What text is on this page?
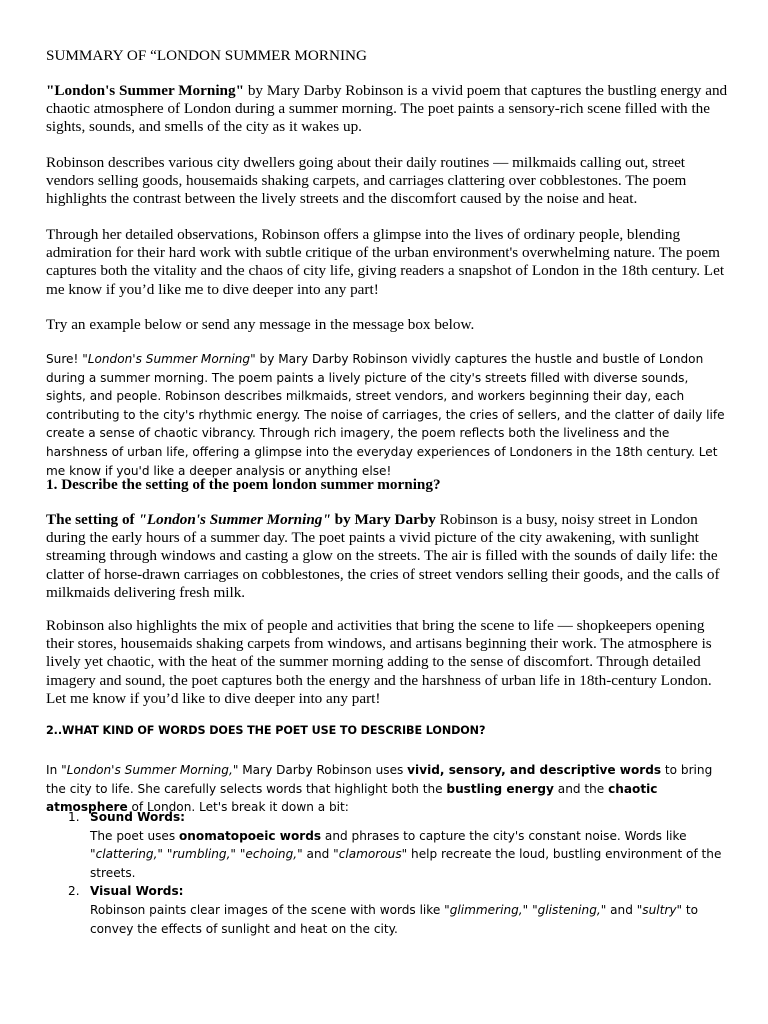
SUMMARY OF “LONDON SUMMER MORNING

"London's Summer Morning" by Mary Darby Robinson is a vivid poem that captures the bustling energy and chaotic atmosphere of London during a summer morning. The poet paints a sensory-rich scene filled with the sights, sounds, and smells of the city as it wakes up.

Robinson describes various city dwellers going about their daily routines — milkmaids calling out, street vendors selling goods, housemaids shaking carpets, and carriages clattering over cobblestones. The poem highlights the contrast between the lively streets and the discomfort caused by the noise and heat.

Through her detailed observations, Robinson offers a glimpse into the lives of ordinary people, blending admiration for their hard work with subtle critique of the urban environment's overwhelming nature. The poem captures both the vitality and the chaos of city life, giving readers a snapshot of London in the 18th century. Let me know if you’d like me to dive deeper into any part!

Try an example below or send any message in the message box below.

Sure! "London's Summer Morning" by Mary Darby Robinson vividly captures the hustle and bustle of London during a summer morning. The poem paints a lively picture of the city's streets filled with diverse sounds, sights, and people. Robinson describes milkmaids, street vendors, and workers beginning their day, each contributing to the city's rhythmic energy. The noise of carriages, the cries of sellers, and the clatter of daily life create a sense of chaotic vibrancy. Through rich imagery, the poem reflects both the liveliness and the harshness of urban life, offering a glimpse into the everyday experiences of Londoners in the 18th century. Let me know if you'd like a deeper analysis or anything else!

1. Describe the setting of the poem london summer morning?

The setting of "London's Summer Morning" by Mary Darby Robinson is a busy, noisy street in London during the early hours of a summer day. The poet paints a vivid picture of the city awakening, with sunlight streaming through windows and casting a glow on the streets. The air is filled with the sounds of daily life: the clatter of horse-drawn carriages on cobblestones, the cries of street vendors selling their goods, and the calls of milkmaids delivering fresh milk.

Robinson also highlights the mix of people and activities that bring the scene to life — shopkeepers opening their stores, housemaids shaking carpets from windows, and artisans beginning their work. The atmosphere is lively yet chaotic, with the heat of the summer morning adding to the sense of discomfort. Through detailed imagery and sound, the poet captures both the energy and the harshness of urban life in 18th-century London. Let me know if you’d like to dive deeper into any part!

2..WHAT KIND OF WORDS DOES THE POET USE TO DESCRIBE LONDON?

In "London's Summer Morning," Mary Darby Robinson uses vivid, sensory, and descriptive words to bring the city to life. She carefully selects words that highlight both the bustling energy and the chaotic atmosphere of London. Let's break it down a bit:

1. Sound Words:
The poet uses onomatopoeic words and phrases to capture the city's constant noise. Words like "clattering," "rumbling," "echoing," and "clamorous" help recreate the loud, bustling environment of the streets.
2. Visual Words:
Robinson paints clear images of the scene with words like "glimmering," "glistening," and "sultry" to convey the effects of sunlight and heat on the city.
